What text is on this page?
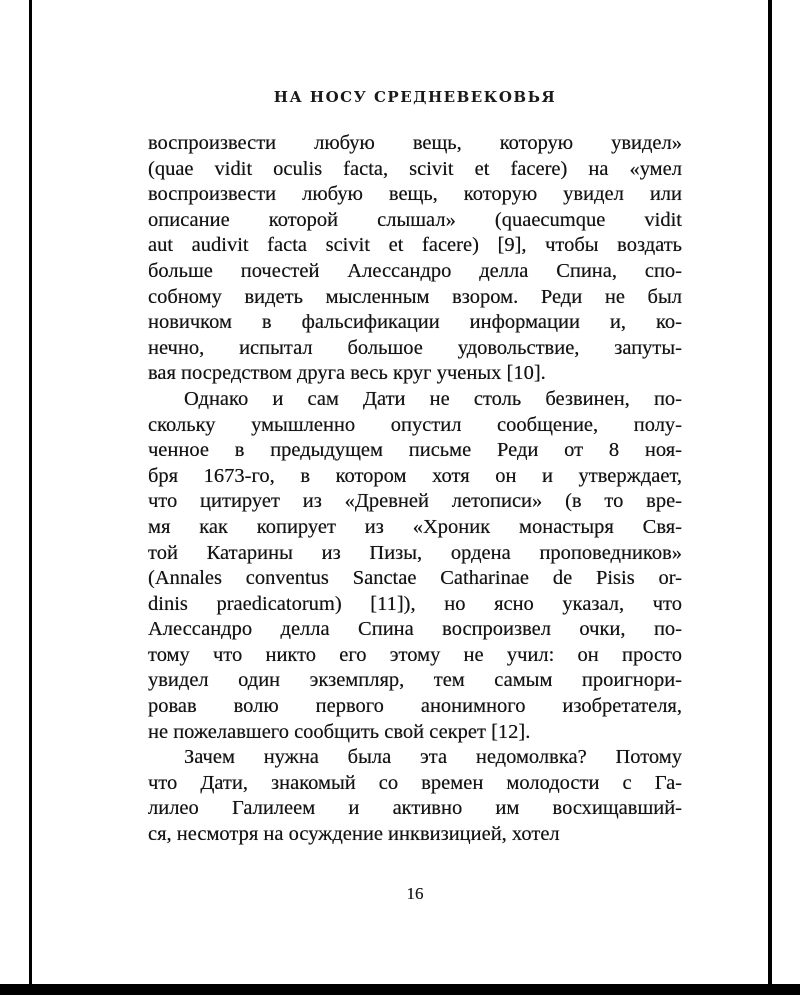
НА НОСУ СРЕДНЕВЕКОВЬЯ
воспроизвести любую вещь, которую увидел»
(quae vidit oculis facta, scivit et facere) на «умел
воспроизвести любую вещь, которую увидел или
описание которой слышал» (quaecumque vidit
aut audivit facta scivit et facere) [9], чтобы воздать
больше почестей Алессандро делла Спина, спо-
собному видеть мысленным взором. Реди не был
новичком в фальсификации информации и, ко-
нечно, испытал большое удовольствие, запуты-
вая посредством друга весь круг ученых [10].
Однако и сам Дати не столь безвинен, по-
скольку умышленно опустил сообщение, полу-
ченное в предыдущем письме Реди от 8 ноя-
бря 1673-го, в котором хотя он и утверждает,
что цитирует из «Древней летописи» (в то вре-
мя как копирует из «Хроник монастыря Свя-
той Катарины из Пизы, ордена проповедников»
(Annales conventus Sanctae Catharinae de Pisis or-
dinis praedicatorum) [11]), но ясно указал, что
Алессандро делла Спина воспроизвел очки, по-
тому что никто его этому не учил: он просто
увидел один экземпляр, тем самым проигнори-
ровав волю первого анонимного изобретателя,
не пожелавшего сообщить свой секрет [12].
Зачем нужна была эта недомолвка? Потому
что Дати, знакомый со времен молодости с Га-
лилео Галилеем и активно им восхищавший-
ся, несмотря на осуждение инквизицией, хотел
16
